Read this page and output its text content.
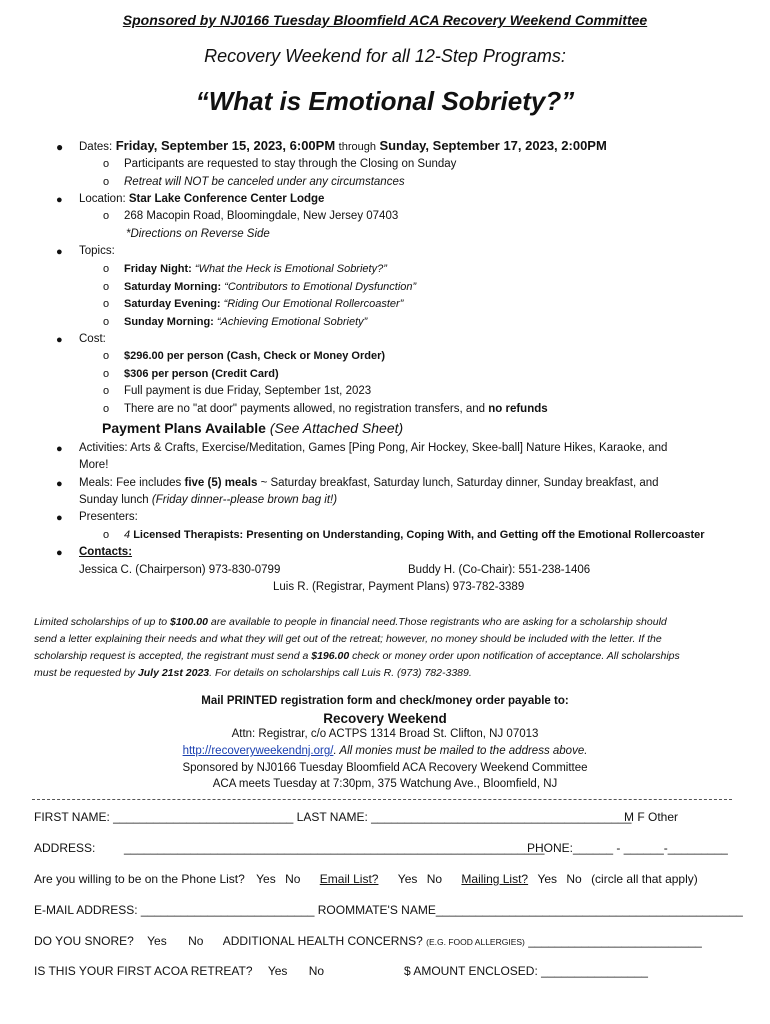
Sponsored by NJ0166 Tuesday Bloomfield ACA Recovery Weekend Committee
Recovery Weekend for all 12-Step Programs:
“What is Emotional Sobriety?”
● Dates: Friday, September 15, 2023, 6:00PM through Sunday, September 17, 2023, 2:00PM
o Participants are requested to stay through the Closing on Sunday
o Retreat will NOT be canceled under any circumstances
● Location: Star Lake Conference Center Lodge
o 268 Macopin Road, Bloomingdale, New Jersey 07403
*Directions on Reverse Side
● Topics:
o Friday Night: “What the Heck is Emotional Sobriety?”
o Saturday Morning: “Contributors to Emotional Dysfunction”
o Saturday Evening: “Riding Our Emotional Rollercoaster”
o Sunday Morning: “Achieving Emotional Sobriety”
● Cost:
o $296.00 per person (Cash, Check or Money Order)
o $306 per person (Credit Card)
o Full payment is due Friday, September 1st, 2023
o There are no "at door" payments allowed, no registration transfers, and no refunds
Payment Plans Available (See Attached Sheet)
● Activities: Arts & Crafts, Exercise/Meditation, Games [Ping Pong, Air Hockey, Skee-ball] Nature Hikes, Karaoke, and
More!
● Meals: Fee includes five (5) meals ~ Saturday breakfast, Saturday lunch, Saturday dinner, Sunday breakfast, and
Sunday lunch (Friday dinner--please brown bag it!)
● Presenters:
o 4 Licensed Therapists: Presenting on Understanding, Coping With, and Getting off the Emotional Rollercoaster
● Contacts:
Jessica C. (Chairperson) 973-830-0799	Buddy H. (Co-Chair): 551-238-1406
Luis R. (Registrar, Payment Plans) 973-782-3389
Limited scholarships of up to $100.00 are available to people in financial need.Those registrants who are asking for a scholarship should
send a letter explaining their needs and what they will get out of the retreat; however, no money should be included with the letter. If the
scholarship request is accepted, the registrant must send a $196.00 check or money order upon notification of acceptance. All scholarships
must be requested by July 21st 2023. For details on scholarships call Luis R. (973) 782-3389.
Mail PRINTED registration form and check/money order payable to:
Recovery Weekend
Attn: Registrar, c/o ACTPS 1314 Broad St. Clifton, NJ 07013
http://recoveryweekendnj.org/. All monies must be mailed to the address above.
Sponsored by NJ0166 Tuesday Bloomfield ACA Recovery Weekend Committee
ACA meets Tuesday at 7:30pm, 375 Watchung Ave., Bloomfield, NJ
FIRST NAME: ___________________________ LAST NAME: _______________________________________
M F Other
ADDRESS: _______________________________________________________________
PHONE:______ - ______-_________
Are you willing to be on the Phone List? Yes No Email List? Yes No Mailing List? Yes No (circle all that apply)
E-MAIL ADDRESS: __________________________ ROOMMATE'S NAME______________________________________________
DO YOU SNORE? Yes No ADDITIONAL HEALTH CONCERNS? (E.G. FOOD ALLERGIES) __________________________
IS THIS YOUR FIRST ACOA RETREAT? Yes No	$ AMOUNT ENCLOSED: ________________
